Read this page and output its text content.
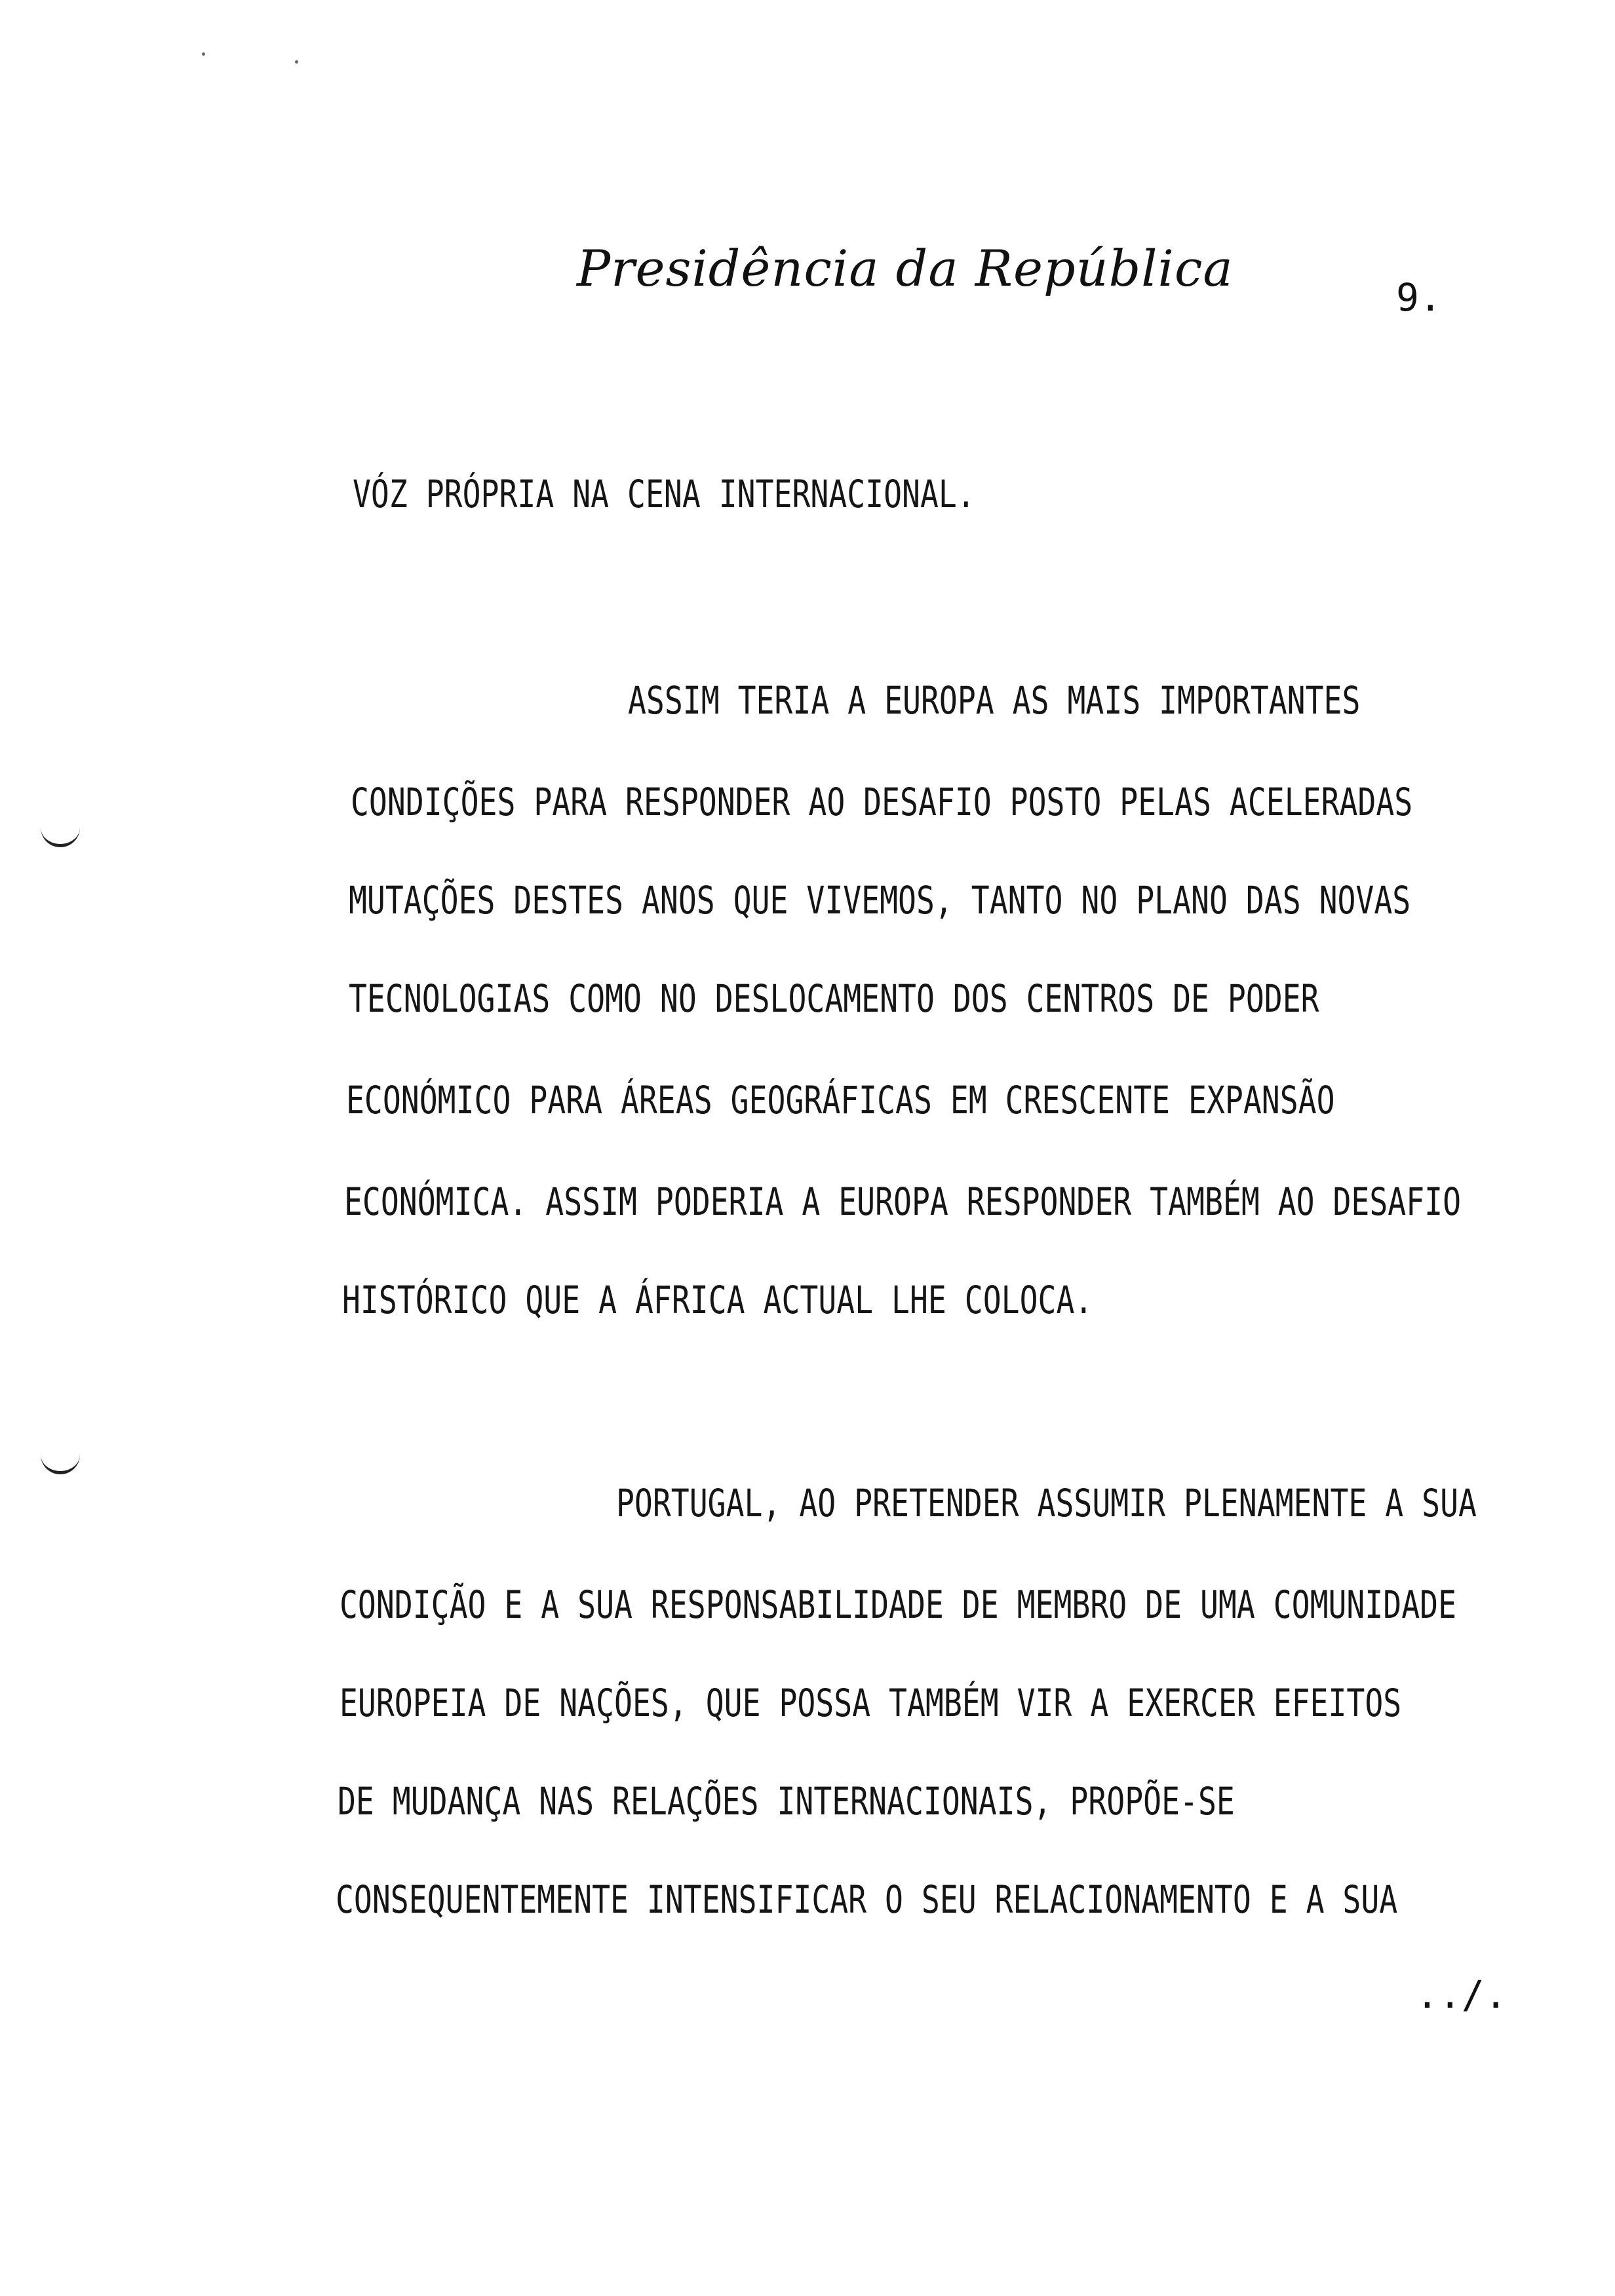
Presidência da República	9.
VÓZ PRÓPRIA NA CENA INTERNACIONAL.
ASSIM TERIA A EUROPA AS MAIS IMPORTANTES
CONDIÇÕES PARA RESPONDER AO DESAFIO POSTO PELAS ACELERADAS
MUTAÇÕES DESTES ANOS QUE VIVEMOS, TANTO NO PLANO DAS NOVAS
TECNOLOGIAS COMO NO DESLOCAMENTO DOS CENTROS DE PODER
ECONÓMICO PARA ÁREAS GEOGRÁFICAS EM CRESCENTE EXPANSÃO
ECONÓMICA. ASSIM PODERIA A EUROPA RESPONDER TAMBÉM AO DESAFIO
HISTÓRICO QUE A ÁFRICA ACTUAL LHE COLOCA.
PORTUGAL, AO PRETENDER ASSUMIR PLENAMENTE A SUA
CONDIÇÃO E A SUA RESPONSABILIDADE DE MEMBRO DE UMA COMUNIDADE
EUROPEIA DE NAÇÕES, QUE POSSA TAMBÉM VIR A EXERCER EFEITOS
DE MUDANÇA NAS RELAÇÕES INTERNACIONAIS, PROPÕE-SE
CONSEQUENTEMENTE INTENSIFICAR O SEU RELACIONAMENTO E A SUA
../.
